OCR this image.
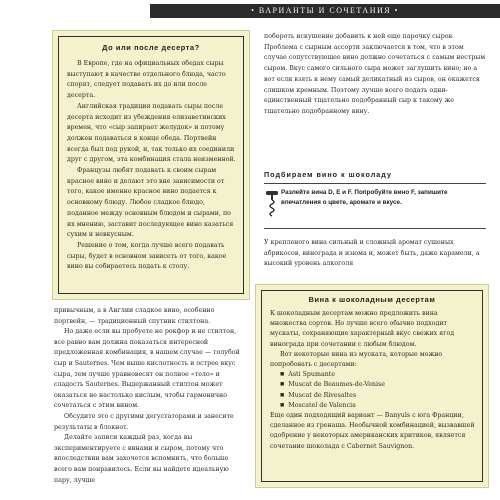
• ВАРИАНТЫ И СОЧЕТАНИЯ •
До или после десерта?

В Европе, где на официальных обедах сыры выступают в качестве отдельного блюда, часто спорят, следует подавать их до или после десерта.

Английская традиция подавать сыры после десерта исходит из убеждения елизаветинских времен, что «сыр запирает желудок» и потому должен подаваться в конце обеда. Портвейн всегда был под рукой, и, так только их соединили друг с другом, эта комбинация стала неизменной.

Французы любят подавать к своим сырам красное вино и делают это вне зависимости от того, какое именно красное вино подается к основному блюду. Любое сладкое блюдо, поданное между основным блюдом и сырами, по их мнению, заставит последующее вино казаться сухим и невкусным.

Решение о том, когда лучше всего подавать сыры, будет в основном зависеть от того, какое вино вы собираетесь подать к столу.

побороть искушение добавить к ней еще парочку сыров. Проблема с сырным ассорти заключается в том, что в этом случае сопутствующее вино должно сочетаться с самым нестрым сыром. Вкус самого сильного сыра может заглушить вино; но а вот если взять к нему самый деликатный из сыров, он окажется слишком кремным. Поэтому лучше всего подать одни-единственный тщательно подобранный сыр к такому же тщательно подобранному вину.

Подбираем вино к шоколаду
Разлейте вина D, E и F. Попробуйте вино F, запишите впечатления о цвете, аромате и вкусе.

У крепленого вина сильный и сложный аромат сушеных абрикосов, винограда и изюма и, может быть, даже карамели, а высокий уровень алкоголя

Вина к шоколадным десертам

К шоколадным десертам можно предложить вина множества сортов. Но лучше всего обычно подходит мускаты, сохраняющие характерный вкус свежих ягод винограда при сочетании с любым блюдом.

Вот некоторые вина из муската, которые можно попробовать с десертами:

■ Asti Spumante
■ Muscat de Beaumes-de-Venise
■ Muscat de Rivesaltes
■ Moscatel de Valencia

Еще один подходящий вариант — Banyuls с юга Франции, сделанное из гренаша. Необычной комбинацией, вызвавшей одобрение у некоторых американских критиков, является сочетание шоколада с Cabernet Sauvignon.

привычным, а в Англии сладкое вино, особенно портвейн, — традиционный спутник стилтона.

Но даже если вы пробуете не рокфор и не стилтон, все равно вам должна показаться интересной предложенная комбинация, в нашем случае — голубой сыр и Sauternes. Чем выше кислотность и острее вкус сыра, тем лучше уравновесят он полное «тело» и сладость Sauternes. Выдержанный стилтон может оказаться не настолько кислым, чтобы гармонично сочетаться с этим вином.

Обсудите это с другими дегустаторами и занесите результаты в блокнот.

Делайте записи каждый раз, когда вы экспериментируете с винами и сыром, потому что впоследствии вам захочется вспомнить, что больше всего вам понравилось. Если вы найдете идеальную пару, лучше
